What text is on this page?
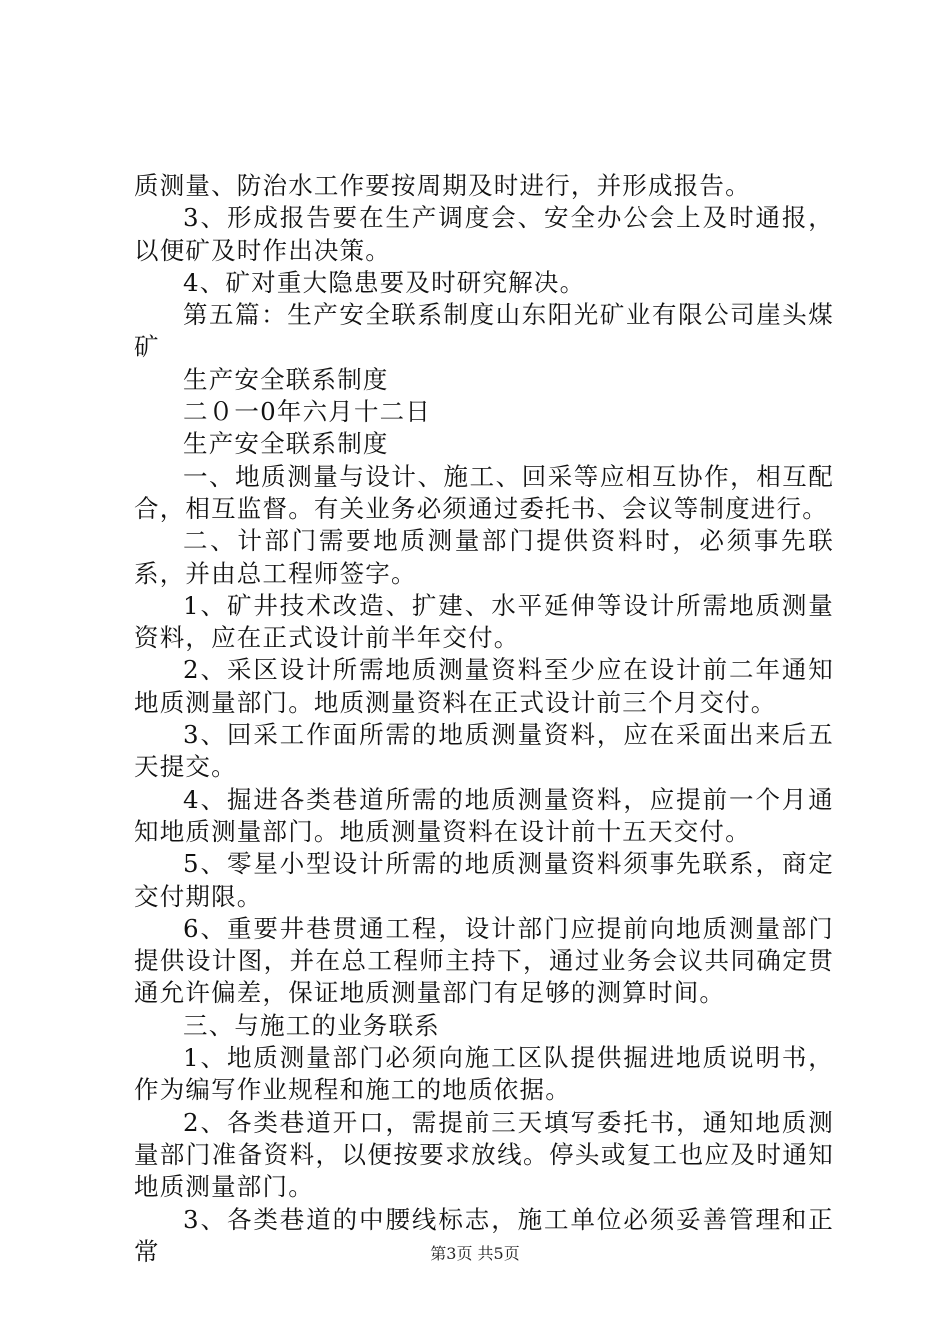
质测量、防治水工作要按周期及时进行，并形成报告。

3、形成报告要在生产调度会、安全办公会上及时通报，以便矿及时作出决策。

4、矿对重大隐患要及时研究解决。

第五篇：生产安全联系制度山东阳光矿业有限公司崖头煤矿

生产安全联系制度

二０一0年六月十二日

生产安全联系制度

一、地质测量与设计、施工、回采等应相互协作，相互配合，相互监督。有关业务必须通过委托书、会议等制度进行。

二、计部门需要地质测量部门提供资料时，必须事先联系，并由总工程师签字。

1、矿井技术改造、扩建、水平延伸等设计所需地质测量资料，应在正式设计前半年交付。

2、采区设计所需地质测量资料至少应在设计前二年通知地质测量部门。地质测量资料在正式设计前三个月交付。

3、回采工作面所需的地质测量资料，应在采面出来后五天提交。

4、掘进各类巷道所需的地质测量资料，应提前一个月通知地质测量部门。地质测量资料在设计前十五天交付。

5、零星小型设计所需的地质测量资料须事先联系，商定交付期限。

6、重要井巷贯通工程，设计部门应提前向地质测量部门提供设计图，并在总工程师主持下，通过业务会议共同确定贯通允许偏差，保证地质测量部门有足够的测算时间。

三、与施工的业务联系

1、地质测量部门必须向施工区队提供掘进地质说明书，作为编写作业规程和施工的地质依据。

2、各类巷道开口，需提前三天填写委托书，通知地质测量部门准备资料，以便按要求放线。停头或复工也应及时通知地质测量部门。

3、各类巷道的中腰线标志，施工单位必须妥善管理和正常	第3页 共5页
